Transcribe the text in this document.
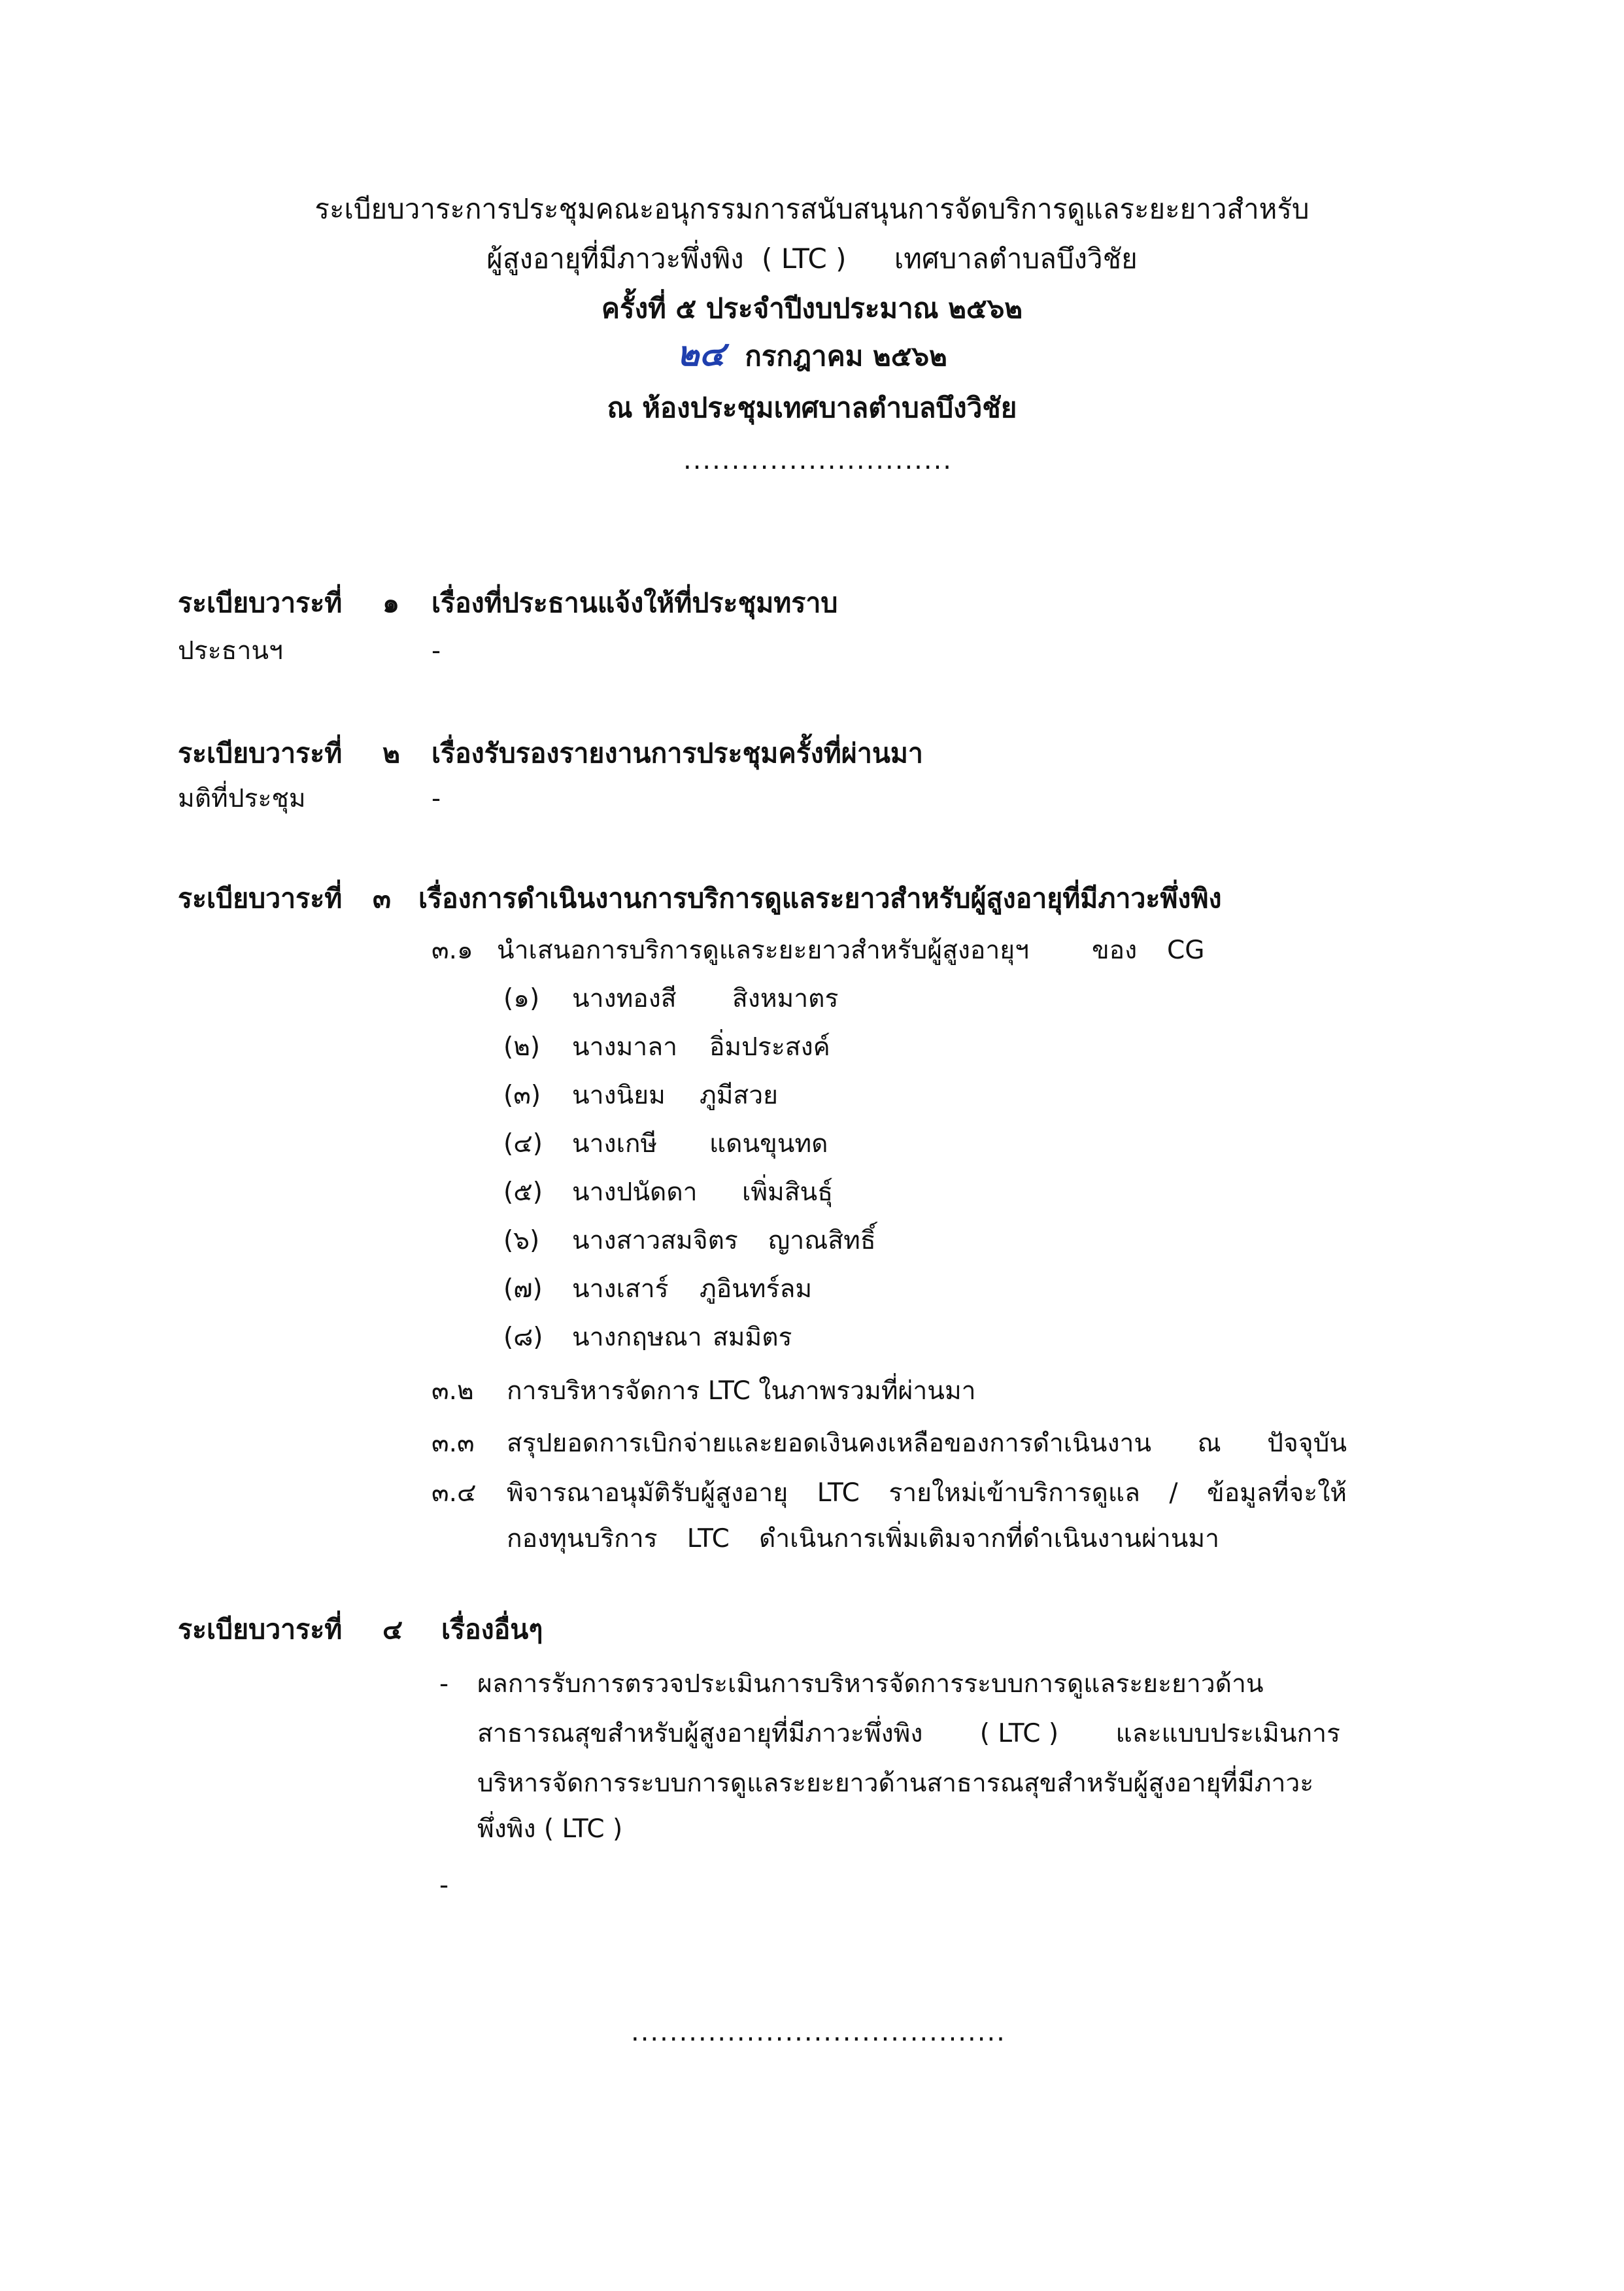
ระเบียบวาระการประชุมคณะอนุกรรมการสนับสนุนการจัดบริการดูแลระยะยาวสำหรับ
ผู้สูงอายุที่มีภาวะพึ่งพิง ( LTC ) เทศบาลตำบลบึงวิชัย
ครั้งที่ ๕ ประจำปีงบประมาณ ๒๕๖๒
๒๔ กรกฎาคม ๒๕๖๒
ณ ห้องประชุมเทศบาลตำบลบึงวิชัย
............................
ระเบียบวาระที่ ๑ เรื่องที่ประธานแจ้งให้ที่ประชุมทราบ
ประธานฯ	-
ระเบียบวาระที่ ๒ เรื่องรับรองรายงานการประชุมครั้งที่ผ่านมา
มติที่ประชุม	-
ระเบียบวาระที่ ๓ เรื่องการดำเนินงานการบริการดูแลระยาวสำหรับผู้สูงอายุที่มีภาวะพึ่งพิง
๓.๑ นำเสนอการบริการดูแลระยะยาวสำหรับผู้สูงอายุฯ ของ CG
(๑) นางทองสี สิงหมาตร
(๒) นางมาลา อิ่มประสงค์
(๓) นางนิยม ภูมีสวย
(๔) นางเกษี แดนขุนทด
(๕) นางปนัดดา เพิ่มสินธุ์
(๖) นางสาวสมจิตร ญาณสิทธิ์
(๗) นางเสาร์ ภูอินทร์ลม
(๘) นางกฤษณา สมมิตร
๓.๒ การบริหารจัดการ LTC ในภาพรวมที่ผ่านมา
๓.๓ สรุปยอดการเบิกจ่ายและยอดเงินคงเหลือของการดำเนินงาน ณ ปัจจุบัน
๓.๔ พิจารณาอนุมัติรับผู้สูงอายุ LTC รายใหม่เข้าบริการดูแล / ข้อมูลที่จะให้
กองทุนบริการ LTC ดำเนินการเพิ่มเติมจากที่ดำเนินงานผ่านมา
ระเบียบวาระที่ ๔ เรื่องอื่นๆ
- ผลการรับการตรวจประเมินการบริหารจัดการระบบการดูแลระยะยาวด้าน
สาธารณสุขสำหรับผู้สูงอายุที่มีภาวะพึ่งพิง ( LTC ) และแบบประเมินการ
บริหารจัดการระบบการดูแลระยะยาวด้านสาธารณสุขสำหรับผู้สูงอายุที่มีภาวะ
พึ่งพิง ( LTC )
-
.......................................
